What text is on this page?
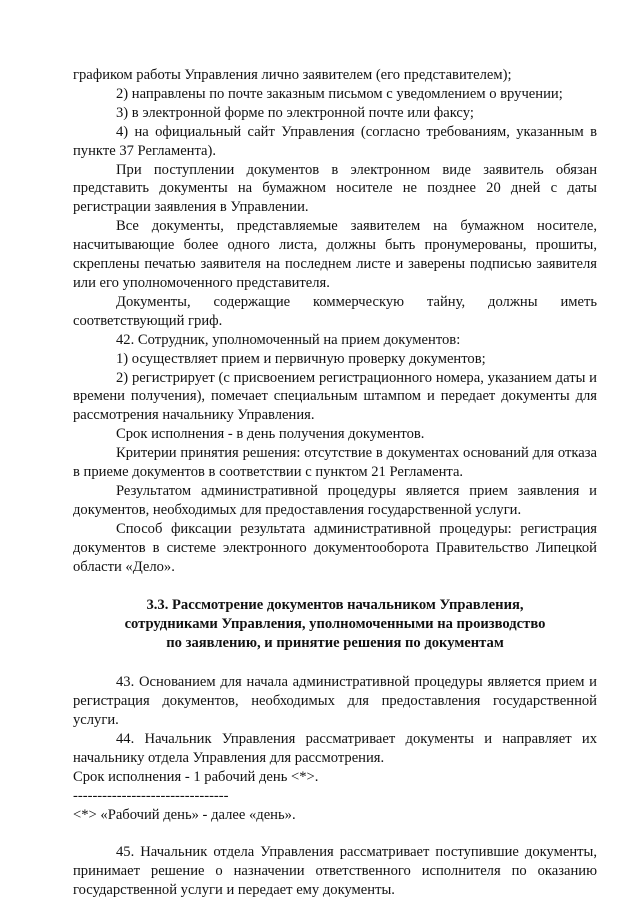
графиком работы Управления лично заявителем (его представителем);

2) направлены по почте заказным письмом с уведомлением о вручении;

3) в электронной форме по электронной почте или факсу;

4) на официальный сайт Управления (согласно требованиям, указанным в пункте 37 Регламента).

При поступлении документов в электронном виде заявитель обязан представить документы на бумажном носителе не позднее 20 дней с даты регистрации заявления в Управлении.

Все документы, представляемые заявителем на бумажном носителе, насчитывающие более одного листа, должны быть пронумерованы, прошиты, скреплены печатью заявителя на последнем листе и заверены подписью заявителя или его уполномоченного представителя.

Документы, содержащие коммерческую тайну, должны иметь соответствующий гриф.

42. Сотрудник, уполномоченный на прием документов:

1) осуществляет прием и первичную проверку документов;

2) регистрирует (с присвоением регистрационного номера, указанием даты и времени получения), помечает специальным штампом и передает документы для рассмотрения начальнику Управления.

Срок исполнения - в день получения документов.

Критерии принятия решения: отсутствие в документах оснований для отказа в приеме документов в соответствии с пунктом 21 Регламента.

Результатом административной процедуры является прием заявления и документов, необходимых для предоставления государственной услуги.

Способ фиксации результата административной процедуры: регистрация документов в системе электронного документооборота Правительство Липецкой области «Дело».

3.3. Рассмотрение документов начальником Управления,

сотрудниками Управления, уполномоченными на производство

по заявлению, и принятие решения по документам

43. Основанием для начала административной процедуры является прием и регистрация документов, необходимых для предоставления государственной услуги.

44. Начальник Управления рассматривает документы и направляет их начальнику отдела Управления для рассмотрения.

Срок исполнения - 1 рабочий день <*>.

--------------------------------

<*> «Рабочий день» - далее «день».

45. Начальник отдела Управления рассматривает поступившие документы, принимает решение о назначении ответственного исполнителя по оказанию государственной услуги и передает ему документы.
